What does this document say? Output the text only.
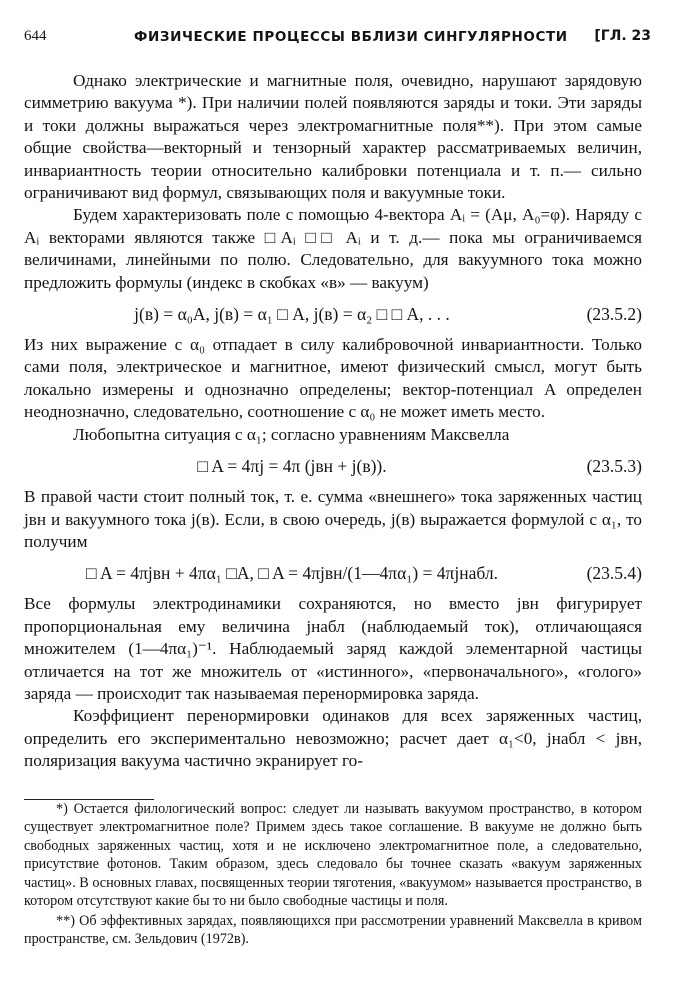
644	ФИЗИЧЕСКИЕ ПРОЦЕССЫ ВБЛИЗИ СИНГУЛЯРНОСТИ [ГЛ. 23

Однако электрические и магнитные поля, очевидно, нарушают зарядовую симметрию вакуума *). При наличии полей появляются заряды и токи. Эти заряды и токи должны выражаться через электромагнитные поля**). При этом самые общие свойства—векторный и тензорный характер рассматриваемых величин, инвариантность теории относительно калибровки потенциала и т. п.— сильно ограничивают вид формул, связывающих поля и вакуумные токи.

Будем характеризовать поле с помощью 4-вектора Aᵢ = (Aμ, A₀=φ). Наряду с Aᵢ векторами являются также □Aᵢ □□ Aᵢ и т. д.— пока мы ограничиваемся величинами, линейными по полю. Следовательно, для вакуумного тока можно предложить формулы (индекс в скобках «в» — вакуум)

j(в) = α₀A, j(в) = α₁ □ A, j(в) = α₂ □ □ A, . . .	(23.5.2)

Из них выражение с α₀ отпадает в силу калибровочной инвариантности. Только сами поля, электрическое и магнитное, имеют физический смысл, могут быть локально измерены и однозначно определены; вектор-потенциал A определен неоднозначно, следовательно, соотношение с α₀ не может иметь место.

Любопытна ситуация с α₁; согласно уравнениям Максвелла

□ A = 4πj = 4π (jвн + j(в)).	(23.5.3)

В правой части стоит полный ток, т. е. сумма «внешнего» тока заряженных частиц jвн и вакуумного тока j(в). Если, в свою очередь, j(в) выражается формулой с α₁, то получим

□ A = 4πjвн + 4πα₁ □A, □ A = 4πjвн/(1—4πα₁) = 4πjнабл.	(23.5.4)

Все формулы электродинамики сохраняются, но вместо jвн фигурирует пропорциональная ему величина jнабл (наблюдаемый ток), отличающаяся множителем (1—4πα₁)⁻¹. Наблюдаемый заряд каждой элементарной частицы отличается на тот же множитель от «истинного», «первоначального», «голого» заряда — происходит так называемая перенормировка заряда.

Коэффициент перенормировки одинаков для всех заряженных частиц, определить его экспериментально невозможно; расчет дает α₁<0, jнабл < jвн, поляризация вакуума частично экранирует го-

*) Остается филологический вопрос: следует ли называть вакуумом пространство, в котором существует электромагнитное поле? Примем здесь такое соглашение. В вакууме не должно быть свободных заряженных частиц, хотя и не исключено электромагнитное поле, а следовательно, присутствие фотонов. Таким образом, здесь следовало бы точнее сказать «вакуум заряженных частиц». В основных главах, посвященных теории тяготения, «вакуумом» называется пространство, в котором отсутствуют какие бы то ни было свободные частицы и поля.

**) Об эффективных зарядах, появляющихся при рассмотрении уравнений Максвелла в кривом пространстве, см. Зельдович (1972в).
